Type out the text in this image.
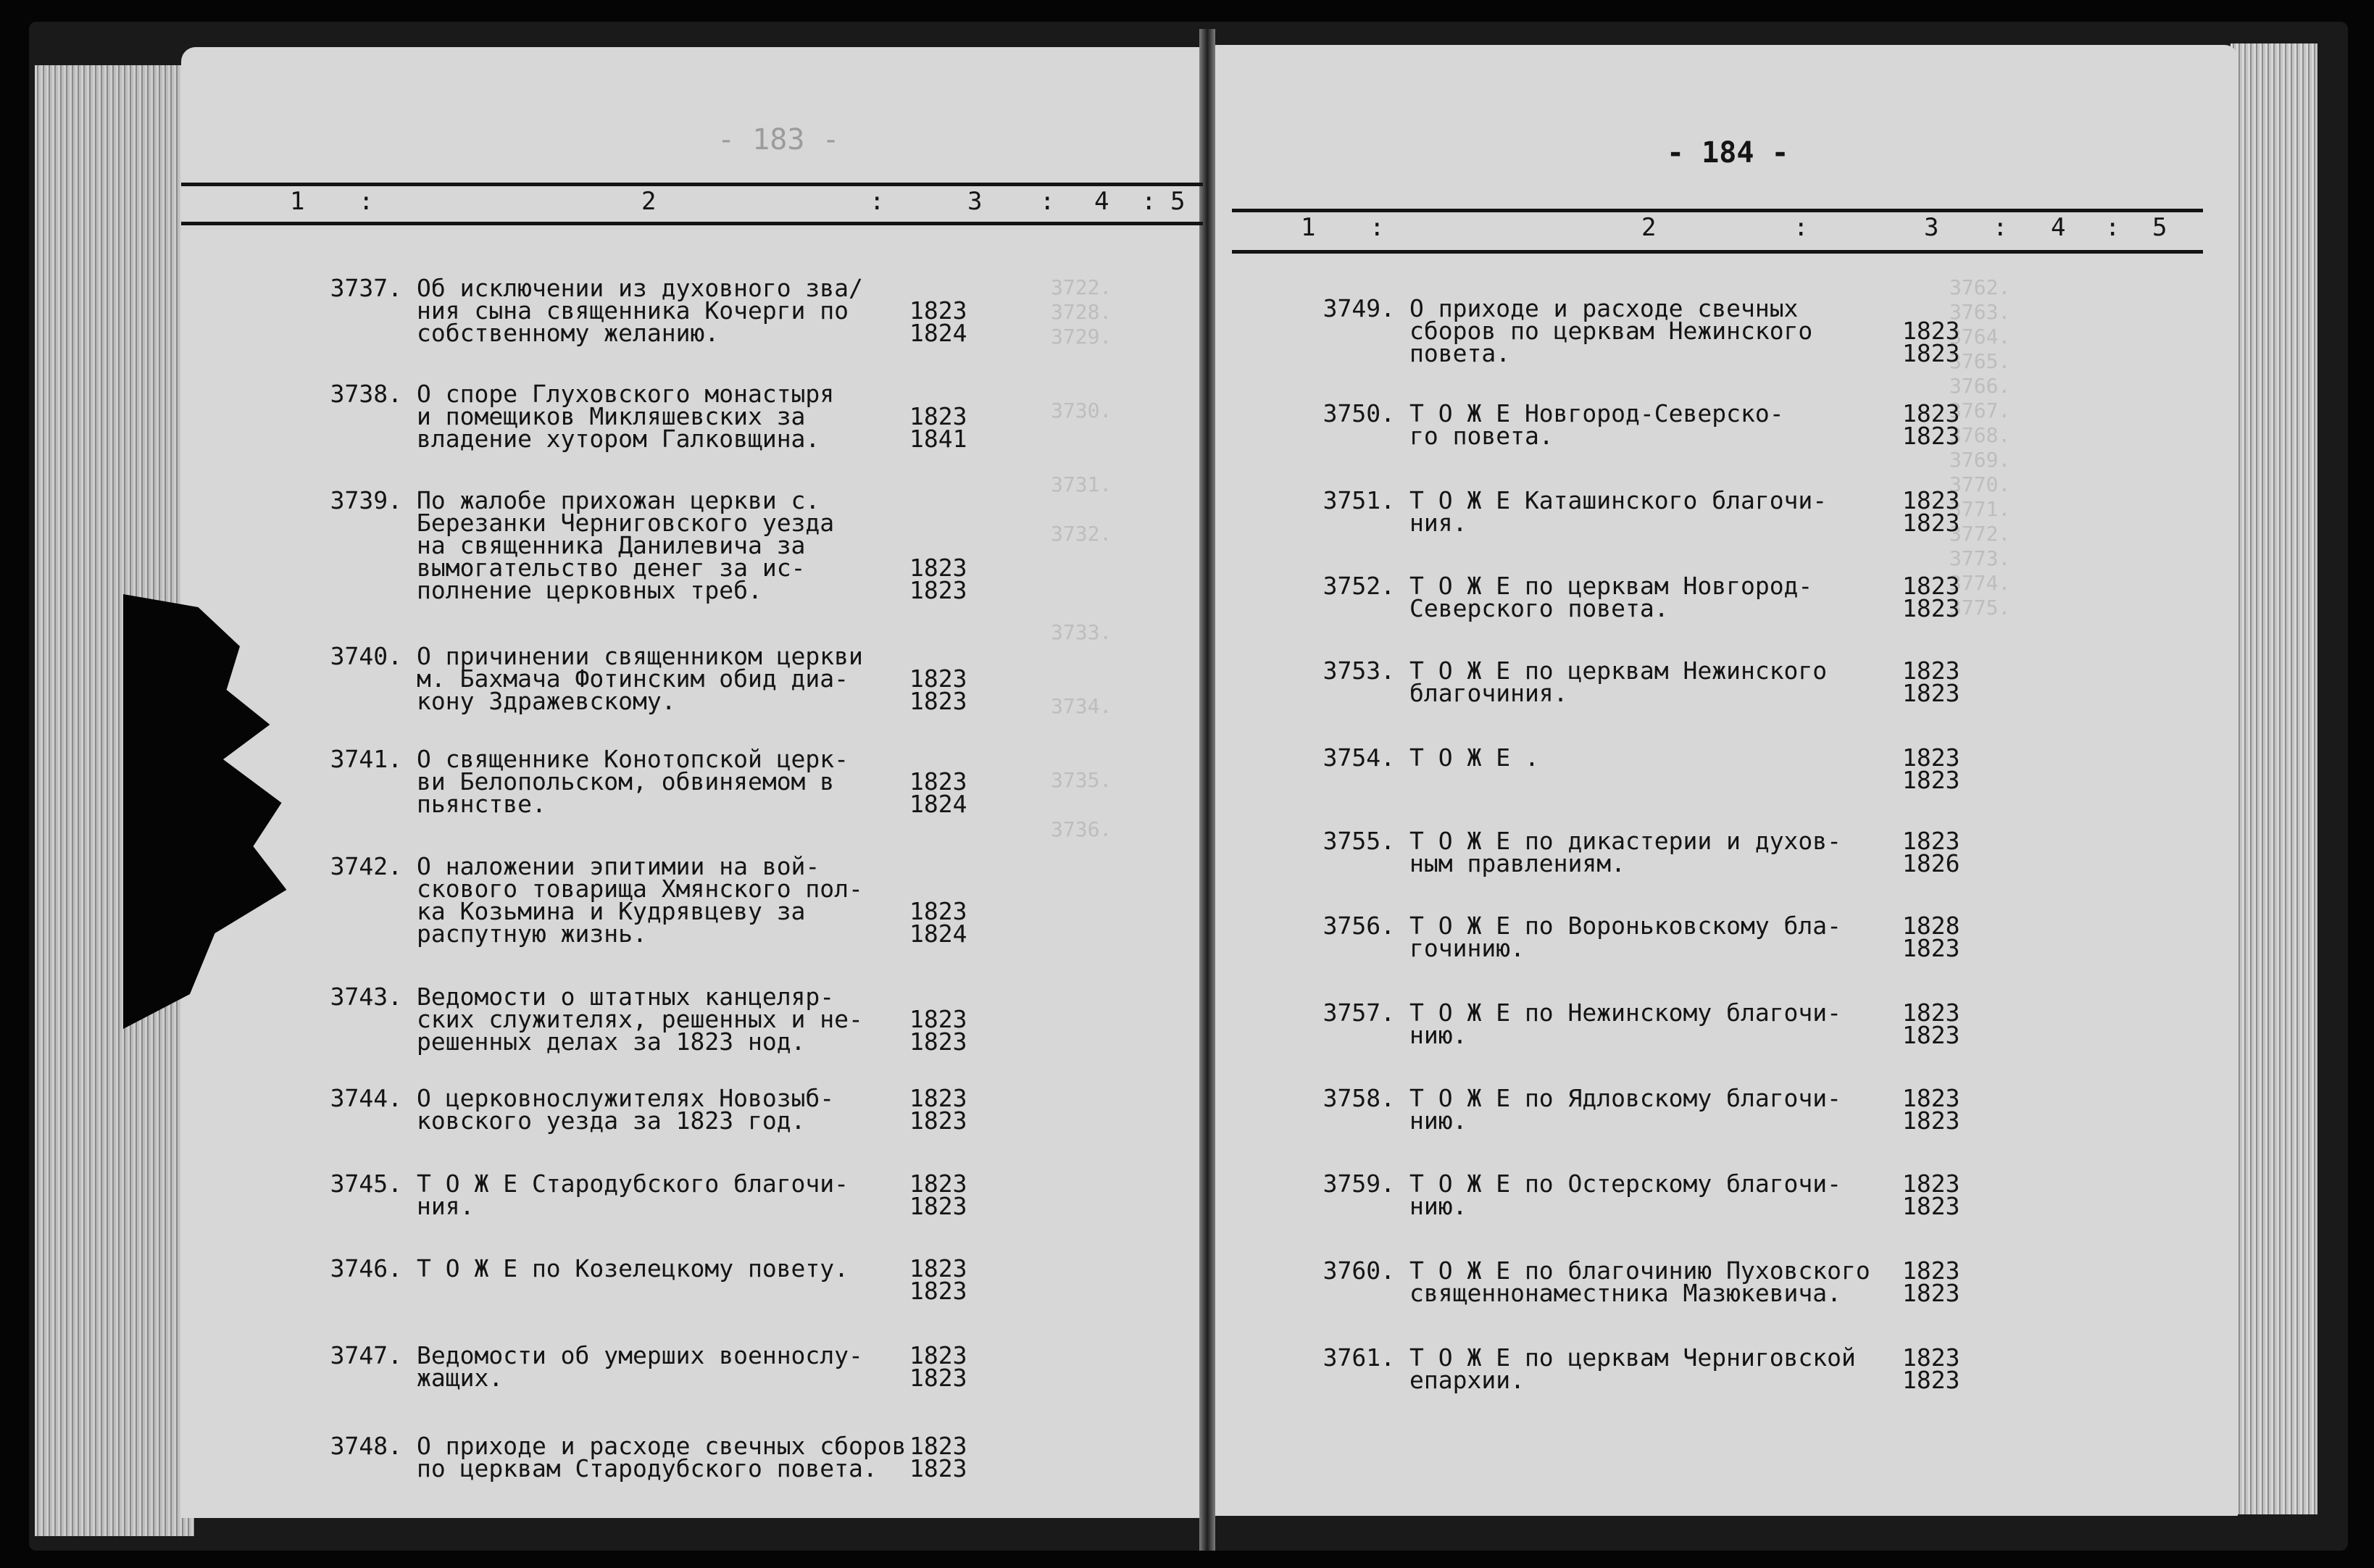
3722.
3728.
3729.

3730.

3731.

3732.

3733.

3734.

3735.

3736.
3762.
3763.
3764.
3765.
3766.
3767.
3768.
3769.
3770.
3771.
3772.
3773.
3774.
3775.
- 183 -	- 184 -
1 :	2	:	3 : 4 : 5
1 :	2	:	3 : 4 : 5
3737. Об исключении из духовного зва/
ния сына священника Кочерги по
собственному желанию.
1823
1824
3738. О споре Глуховского монастыря
и помещиков Микляшевских за
владение хутором Галковщина.
1823
1841
3739. По жалобе прихожан церкви с.
Березанки Черниговского уезда
на священника Данилевича за
вымогательство денег за ис-
полнение церковных треб.
1823
1823
3740. О причинении священником церкви
м. Бахмача Фотинским обид диа-
кону Здражевскому.
1823
1823
3741. О священнике Конотопской церк-
ви Белопольском, обвиняемом в
пьянстве.
1823
1824
3742. О наложении эпитимии на вой-
скового товарища Хмянского пол-
ка Козьмина и Кудрявцеву за
распутную жизнь.
1823
1824
3743. Ведомости о штатных канцеляр-
ских служителях, решенных и не-
решенных делах за 1823 нод.
1823
1823
3744. О церковнослужителях Новозыб-
ковского уезда за 1823 год.
1823
1823
3745. Т О Ж Е Стародубского благочи-
ния.
1823
1823
3746. Т О Ж Е по Козелецкому повету.	1823
1823
3747. Ведомости об умерших военнослу-
жащих.
1823
1823
3748. О приходе и расходе свечных сборов
по церквам Стародубского повета.
1823
1823
3749. О приходе и расходе свечных
сборов по церквам Нежинского
повета.
1823
1823
3750. Т О Ж Е Новгород-Северско-
го повета.
1823
1823
3751. Т О Ж Е Каташинского благочи-
ния.
1823
1823
3752. Т О Ж Е по церквам Новгород-
Северского повета.
1823
1823
3753. Т О Ж Е по церквам Нежинского
благочиния.
1823
1823
3754. Т О Ж Е .	1823
1823
3755. Т О Ж Е по дикастерии и духов-
ным правлениям.
1823
1826
3756. Т О Ж Е по Вороньковскому бла-
гочинию.
1828
1823
3757. Т О Ж Е по Нежинскому благочи-
нию.
1823
1823
3758. Т О Ж Е по Ядловскому благочи-
нию.
1823
1823
3759. Т О Ж Е по Остерскому благочи-
нию.
1823
1823
3760. Т О Ж Е по благочинию Пуховского
священнонаместника Мазюкевича.
1823
1823
3761. Т О Ж Е по церквам Черниговской
епархии.
1823
1823
